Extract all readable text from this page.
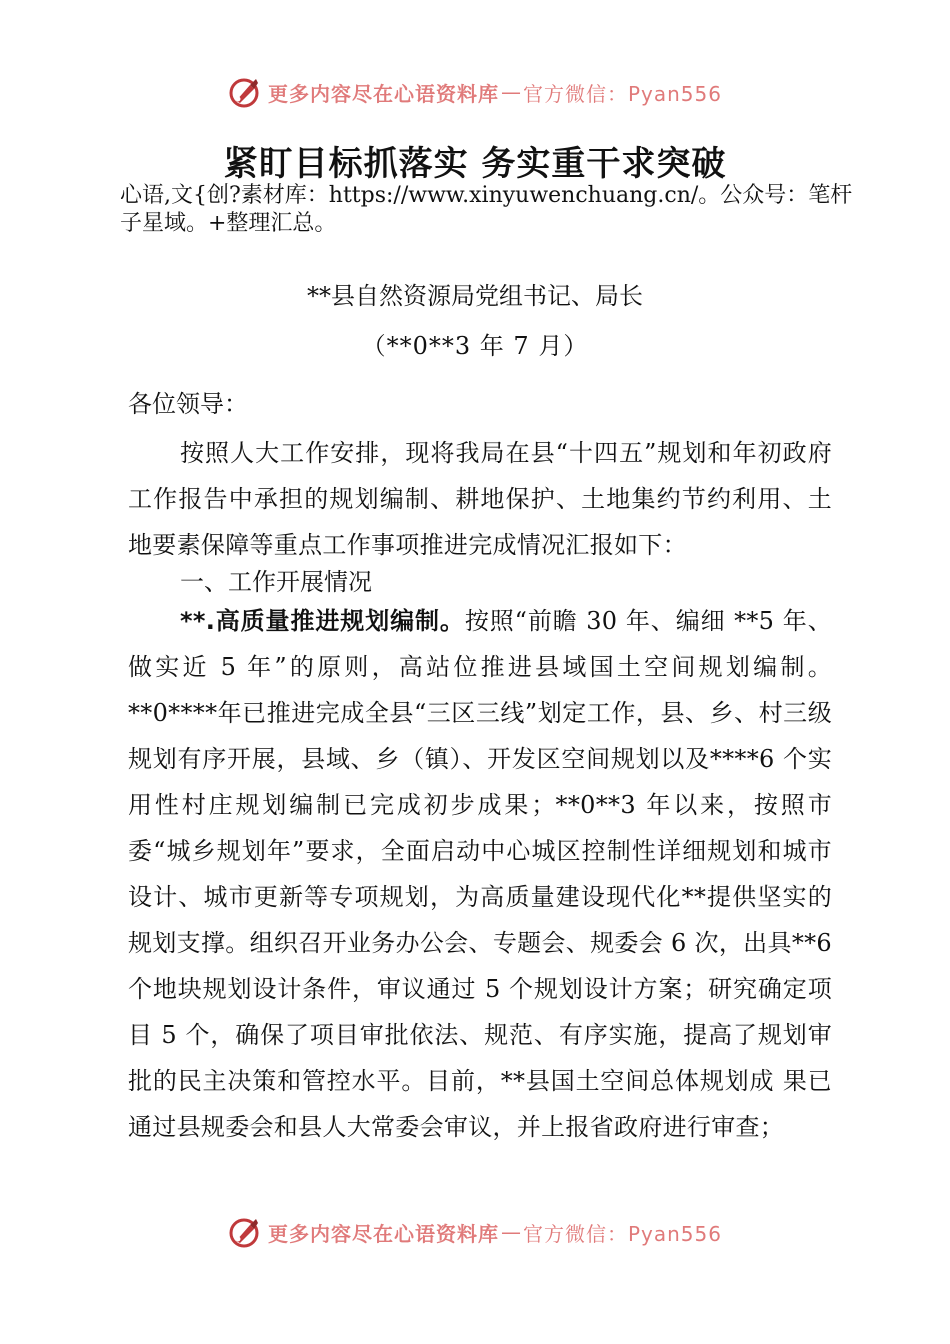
更多内容尽在心语资料库 — 官方微信：Pyan556
紧盯目标抓落实 务实重干求突破
心语,文{创?素材库：https://www.xinyuwenchuang.cn/。公众号：笔杆子星域。+整理汇总。
**县自然资源局党组书记、局长
（**0**3 年 7 月）
各位领导：
按照人大工作安排，现将我局在县“十四五”规划和年初政府工作报告中承担的规划编制、耕地保护、土地集约节约利用、土地要素保障等重点工作事项推进完成情况汇报如下：
一、工作开展情况
**.高质量推进规划编制。按照“前瞻 30 年、编细 **5 年、做实近 5 年”的原则，高站位推进县域国土空间规划编制。**0****年已推进完成全县“三区三线”划定工作，县、乡、村三级规划有序开展，县域、乡（镇）、开发区空间规划以及****6 个实用性村庄规划编制已完成初步成果；**0**3 年以来，按照市委“城乡规划年”要求，全面启动中心城区控制性详细规划和城市设计、城市更新等专项规划，为高质量建设现代化**提供坚实的规划支撑。组织召开业务办公会、专题会、规委会 6 次，出具**6 个地块规划设计条件，审议通过 5 个规划设计方案；研究确定项目 5 个，确保了项目审批依法、规范、有序实施，提高了规划审批的民主决策和管控水平。目前，**县国土空间总体规划成 果已通过县规委会和县人大常委会审议，并上报省政府进行审查；
更多内容尽在心语资料库 — 官方微信：Pyan556
